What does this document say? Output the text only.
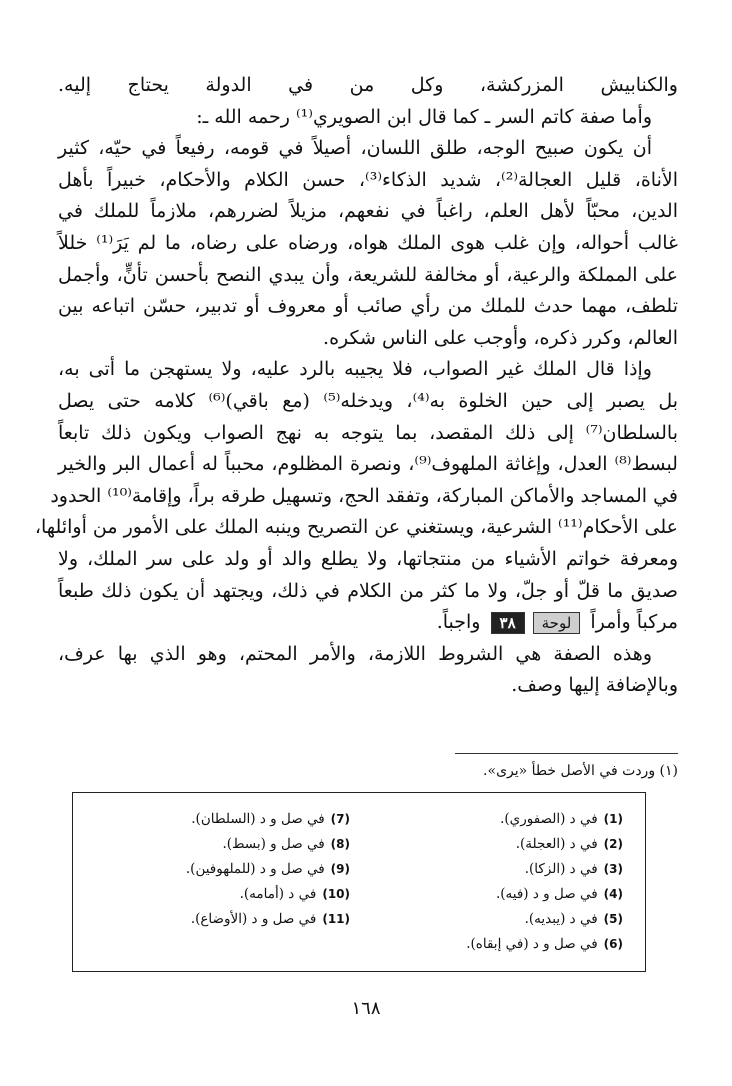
والكنابيش المزركشة، وكل من في الدولة يحتاج إليه.
وأما صفة كاتم السر ـ كما قال ابن الصويري⁽¹⁾ رحمه الله ـ:
أن يكون صبيح الوجه، طلق اللسان، أصيلاً في قومه، رفيعاً في حيّه، كثير
الأناة، قليل العجالة⁽²⁾، شديد الذكاء⁽³⁾، حسن الكلام والأحكام، خبيراً بأهل
الدين، محبّاً لأهل العلم، راغباً في نفعهم، مزيلاً لضررهم، ملازماً للملك في
غالب أحواله، وإن غلب هوى الملك هواه، ورضاه على رضاه، ما لم يَرَ⁽¹⁾ خللاً
على المملكة والرعية، أو مخالفة للشريعة، وأن يبدي النصح بأحسن تأنٍّ، وأجمل
تلطف، مهما حدث للملك من رأي صائب أو معروف أو تدبير، حسّن اتباعه بين
العالم، وكرر ذكره، وأوجب على الناس شكره.
وإذا قال الملك غير الصواب، فلا يجيبه بالرد عليه، ولا يستهجن ما أتى به،
بل يصبر إلى حين الخلوة به⁽⁴⁾، ويدخله⁽⁵⁾ (مع باقي)⁽⁶⁾ كلامه حتى يصل
بالسلطان⁽⁷⁾ إلى ذلك المقصد، بما يتوجه به نهج الصواب ويكون ذلك تابعاً
لبسط⁽⁸⁾ العدل، وإغاثة الملهوف⁽⁹⁾، ونصرة المظلوم، محبباً له أعمال البر والخير
في المساجد والأماكن المباركة، وتفقد الحج، وتسهيل طرقه براً، وإقامة⁽¹⁰⁾ الحدود
على الأحكام⁽¹¹⁾ الشرعية، ويستغني عن التصريح وينبه الملك على الأمور من أوائلها،
ومعرفة خواتم الأشياء من منتجاتها، ولا يطلع والد أو ولد على سر الملك، ولا
صديق ما قلّ أو جلّ، ولا ما كثر من الكلام في ذلك، ويجتهد أن يكون ذلك طبعاً
مركباً وأمراً لوحة٣٨ واجباً.
وهذه الصفة هي الشروط اللازمة، والأمر المحتم، وهو الذي بها عرف،
وبالإضافة إليها وصف.
(١) وردت في الأصل خطأ «يرى».
(1)في د (الصفوري).
(2)في د (العجلة).
(3)في د (الزكا).
(4)في صل و د (فيه).
(5)في د (يبديه).
(6)في صل و د (في إبقاه).
(7)في صل و د (السلطان).
(8)في صل و (بسط).
(9)في صل و د (للملهوفين).
(10)في د (أمامه).
(11)في صل و د (الأوضاع).
١٦٨
